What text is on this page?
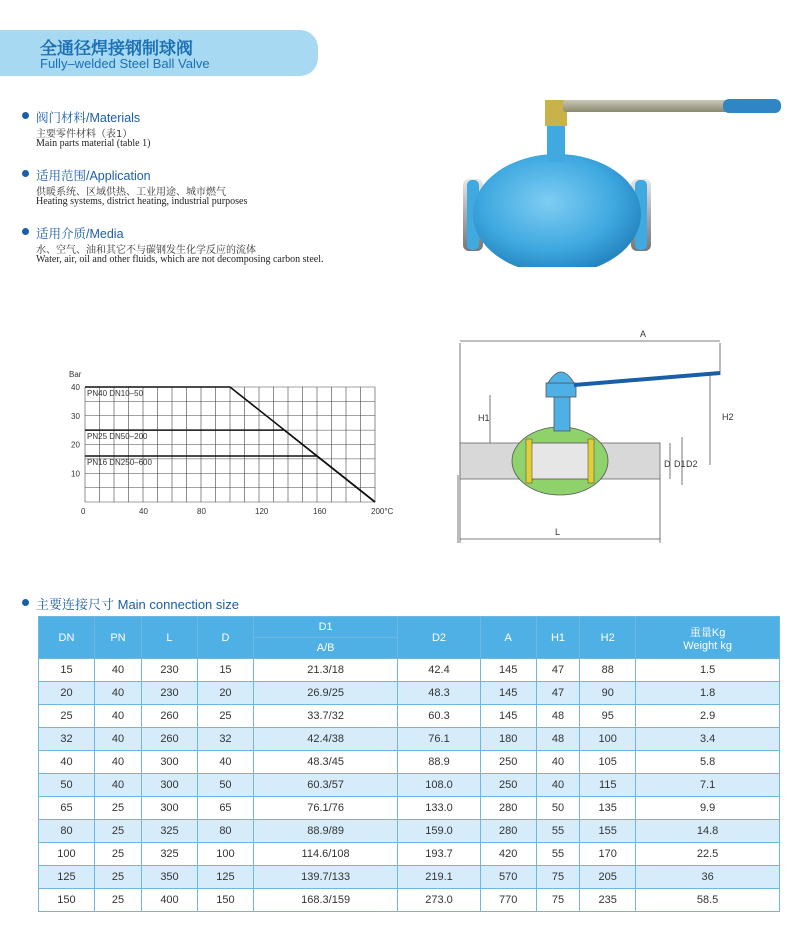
全通径焊接钢制球阀
Fully–welded Steel Ball Valve
阀门材料/Materials
主要零件材料（表1）
Main parts material (table 1)
适用范围/Application
供暖系统、区域供热、工业用途、城市燃气
Heating systems, district heating, industrial purposes
适用介质/Media
水、空气、油和其它不与碳钢发生化学反应的流体
Water, air, oil and other fluids, which are not decomposing carbon steel.
0	40	80	120	160	200°C
10
20
30
40
Bar
PN40 DN10–50
PN25 DN50–200
PN16 DN250–600
A
H1	H2
D D1 D2
L
主要连接尺寸 Main connection size
DN	PN	L	D	D1	D2	A	H1	H2	重量Kg
Weight kg

				A/B					
15	40	230	15	21.3/18	42.4	145	47	88	1.5
20	40	230	20	26.9/25	48.3	145	47	90	1.8
25	40	260	25	33.7/32	60.3	145	48	95	2.9
32	40	260	32	42.4/38	76.1	180	48	100	3.4
40	40	300	40	48.3/45	88.9	250	40	105	5.8
50	40	300	50	60.3/57	108.0	250	40	115	7.1
65	25	300	65	76.1/76	133.0	280	50	135	9.9
80	25	325	80	88.9/89	159.0	280	55	155	14.8
100	25	325	100	114.6/108	193.7	420	55	170	22.5
125	25	350	125	139.7/133	219.1	570	75	205	36
150	25	400	150	168.3/159	273.0	770	75	235	58.5
